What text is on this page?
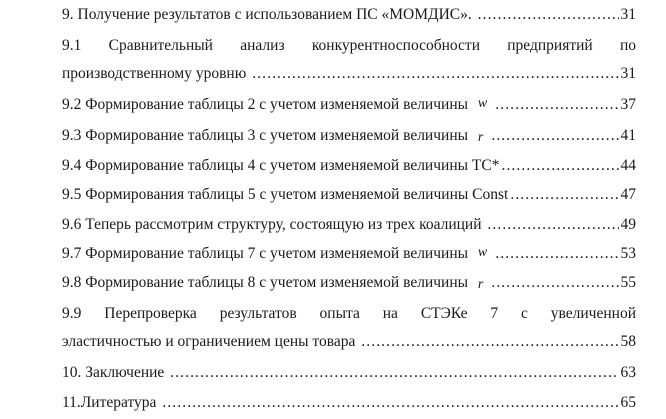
9. Получение результатов с использованием ПС «МОМДИС». .....	31
9.1 Сравнительный анализ конкурентноспособности предприятий по
производственному уровню .....	31
9.2 Формирование таблицы 2 с учетом изменяемой величины w .....	37
9.3 Формирование таблицы 3 с учетом изменяемой величины r .....	41
9.4 Формирование таблицы 4 с учетом изменяемой величины TC* .....	44
9.5 Формирования таблицы 5 с учетом изменяемой величины Const .....	47
9.6 Теперь рассмотрим структуру, состоящую из трех коалиций .....	49
9.7 Формирование таблицы 7 с учетом изменяемой величины w .....	53
9.8 Формирование таблицы 8 с учетом изменяемой величины r .....	55
9.9 Перепроверка результатов опыта на СТЭКе 7 с увеличенной
эластичностью и ограничением цены товара .....	58
10. Заключение .....	63
11.Литература .....	65
